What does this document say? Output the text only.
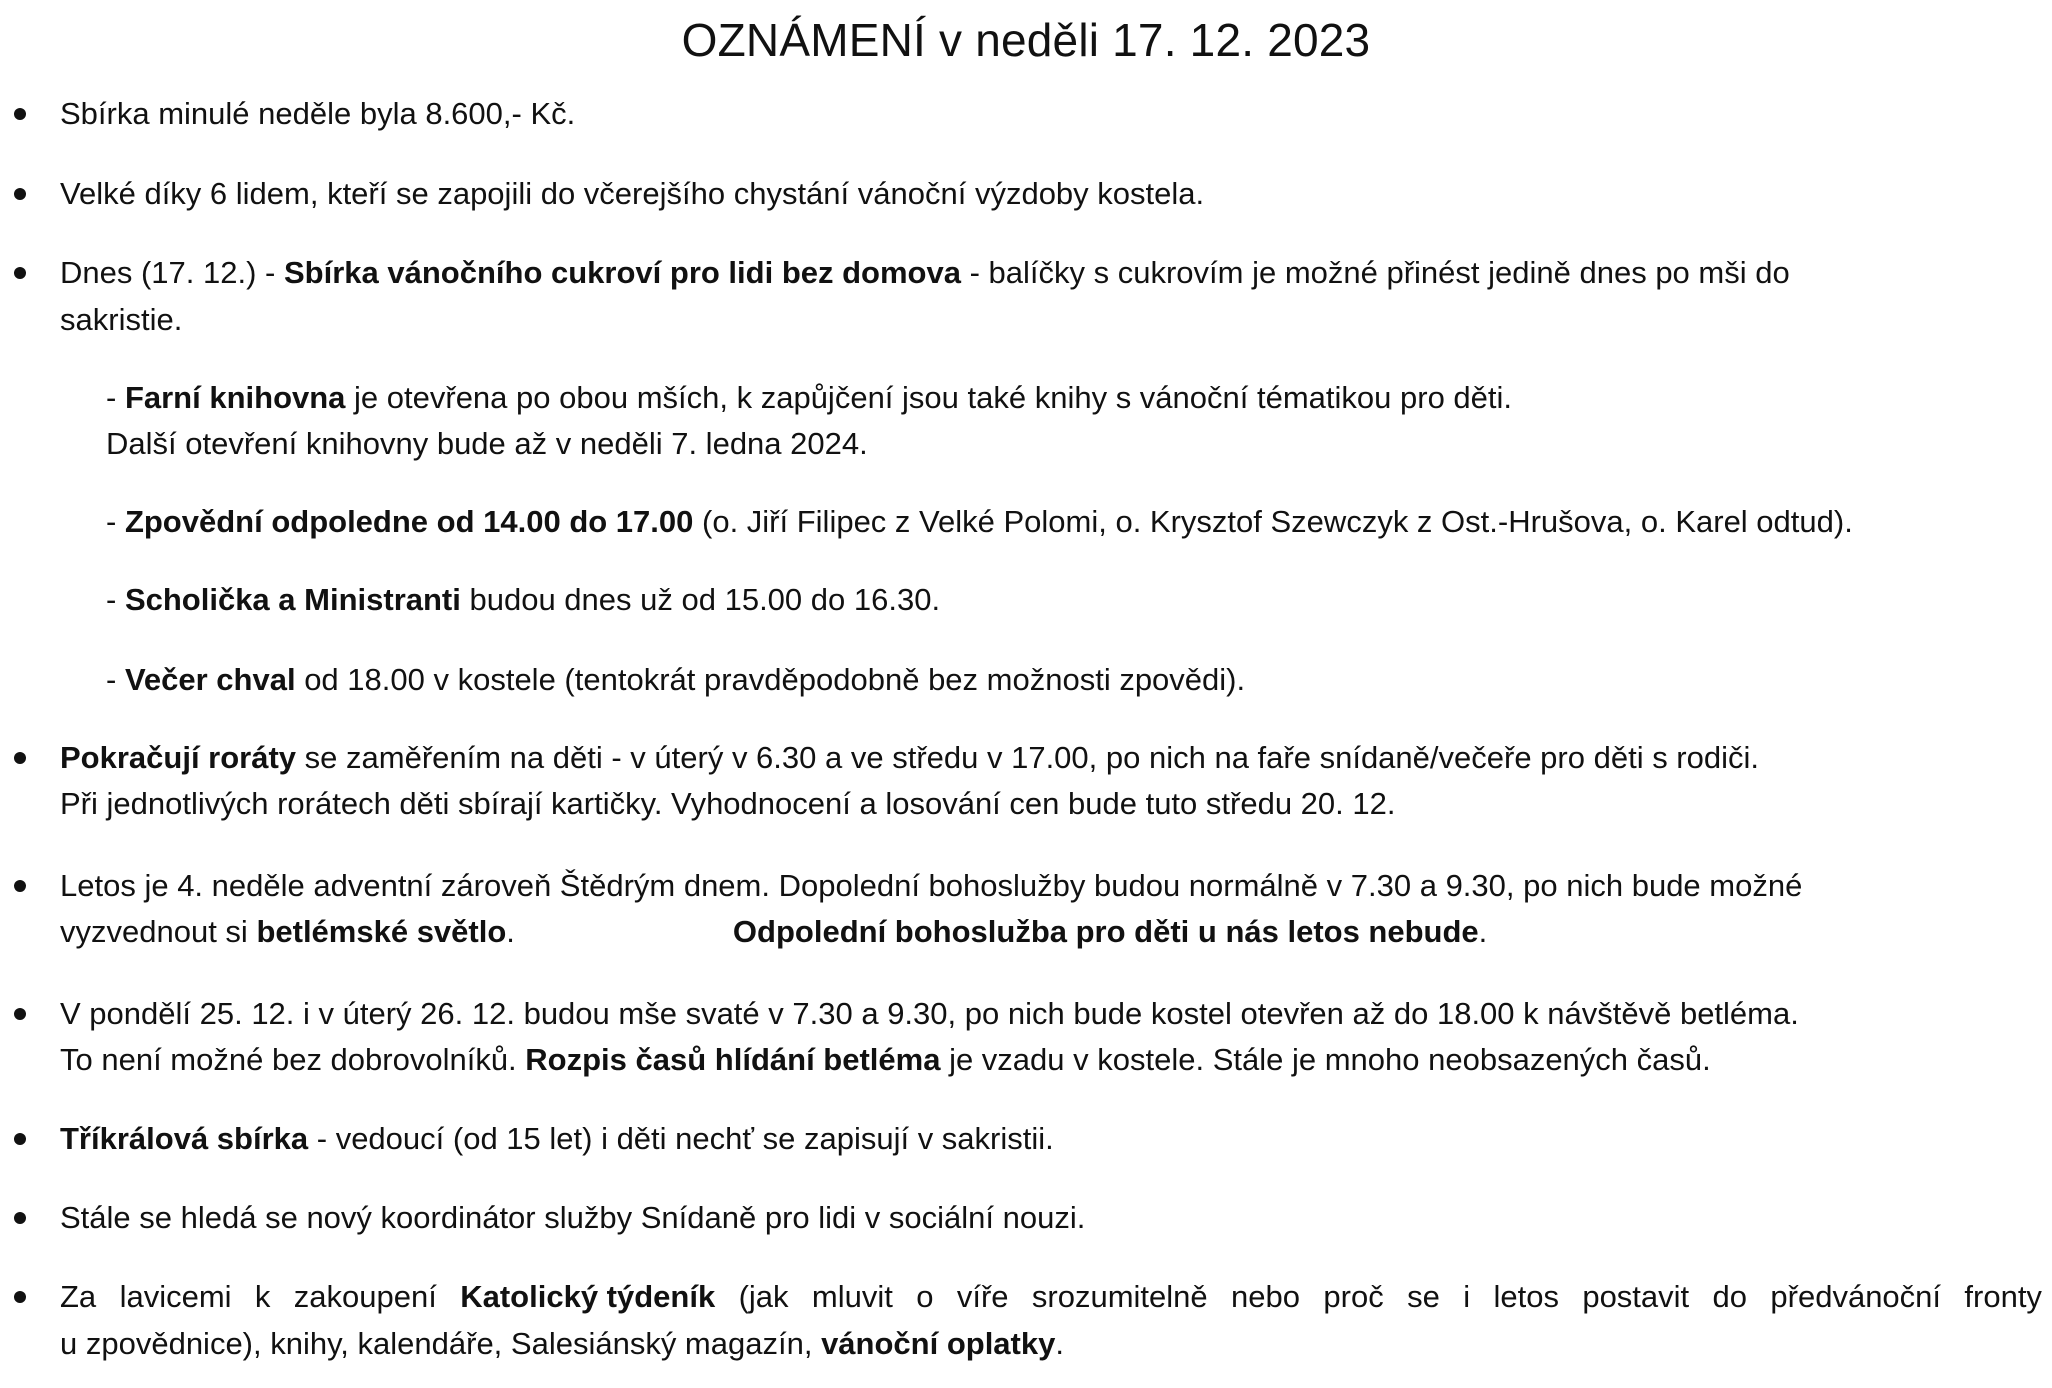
OZNÁMENÍ v neděli 17. 12. 2023
Sbírka minulé neděle byla 8.600,- Kč.
Velké díky 6 lidem, kteří se zapojili do včerejšího chystání vánoční výzdoby kostela.
Dnes (17. 12.) - Sbírka vánočního cukroví pro lidi bez domova - balíčky s cukrovím je možné přinést jedině dnes po mši do
sakristie.
- Farní knihovna je otevřena po obou mších, k zapůjčení jsou také knihy s vánoční tématikou pro děti.
Další otevření knihovny bude až v neděli 7. ledna 2024.
- Zpovědní odpoledne od 14.00 do 17.00 (o. Jiří Filipec z Velké Polomi, o. Krysztof Szewczyk z Ost.-Hrušova, o. Karel odtud).
- Scholička a Ministranti budou dnes už od 15.00 do 16.30.
- Večer chval od 18.00 v kostele (tentokrát pravděpodobně bez možnosti zpovědi).
Pokračují roráty se zaměřením na děti - v úterý v 6.30 a ve středu v 17.00, po nich na faře snídaně/večeře pro děti s rodiči.
Při jednotlivých rorátech děti sbírají kartičky. Vyhodnocení a losování cen bude tuto středu 20. 12.
Letos je 4. neděle adventní zároveň Štědrým dnem. Dopolední bohoslužby budou normálně v 7.30 a 9.30, po nich bude možné
vyzvednout si betlémské světlo.	Odpolední bohoslužba pro děti u nás letos nebude.
V pondělí 25. 12. i v úterý 26. 12. budou mše svaté v 7.30 a 9.30, po nich bude kostel otevřen až do 18.00 k návštěvě betléma.
To není možné bez dobrovolníků. Rozpis časů hlídání betléma je vzadu v kostele. Stále je mnoho neobsazených časů.
Tříkrálová sbírka - vedoucí (od 15 let) i děti nechť se zapisují v sakristii.
Stále se hledá se nový koordinátor služby Snídaně pro lidi v sociální nouzi.
Za lavicemi k zakoupení Katolický týdeník (jak mluvit o víře srozumitelně nebo proč se i letos postavit do předvánoční fronty
u zpovědnice), knihy, kalendáře, Salesiánský magazín, vánoční oplatky.
